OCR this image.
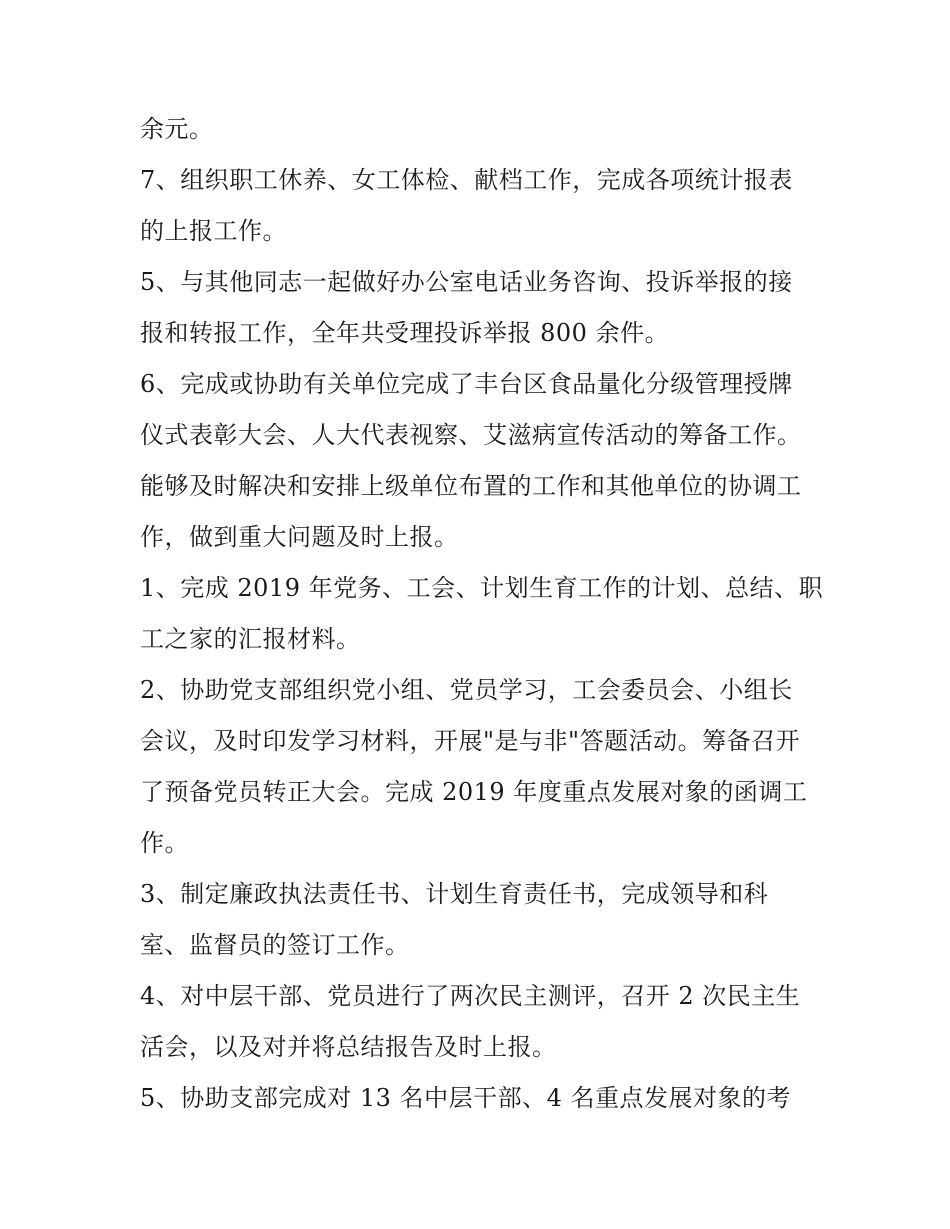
余元。
7、组织职工休养、女工体检、献档工作，完成各项统计报表
的上报工作。
5、与其他同志一起做好办公室电话业务咨询、投诉举报的接
报和转报工作，全年共受理投诉举报 800 余件。
6、完成或协助有关单位完成了丰台区食品量化分级管理授牌
仪式表彰大会、人大代表视察、艾滋病宣传活动的筹备工作。
能够及时解决和安排上级单位布置的工作和其他单位的协调工
作，做到重大问题及时上报。
1、完成 2019 年党务、工会、计划生育工作的计划、总结、职
工之家的汇报材料。
2、协助党支部组织党小组、党员学习，工会委员会、小组长
会议，及时印发学习材料，开展"是与非"答题活动。筹备召开
了预备党员转正大会。完成 2019 年度重点发展对象的函调工
作。
3、制定廉政执法责任书、计划生育责任书，完成领导和科
室、监督员的签订工作。
4、对中层干部、党员进行了两次民主测评，召开 2 次民主生
活会，以及对并将总结报告及时上报。
5、协助支部完成对 13 名中层干部、4 名重点发展对象的考
